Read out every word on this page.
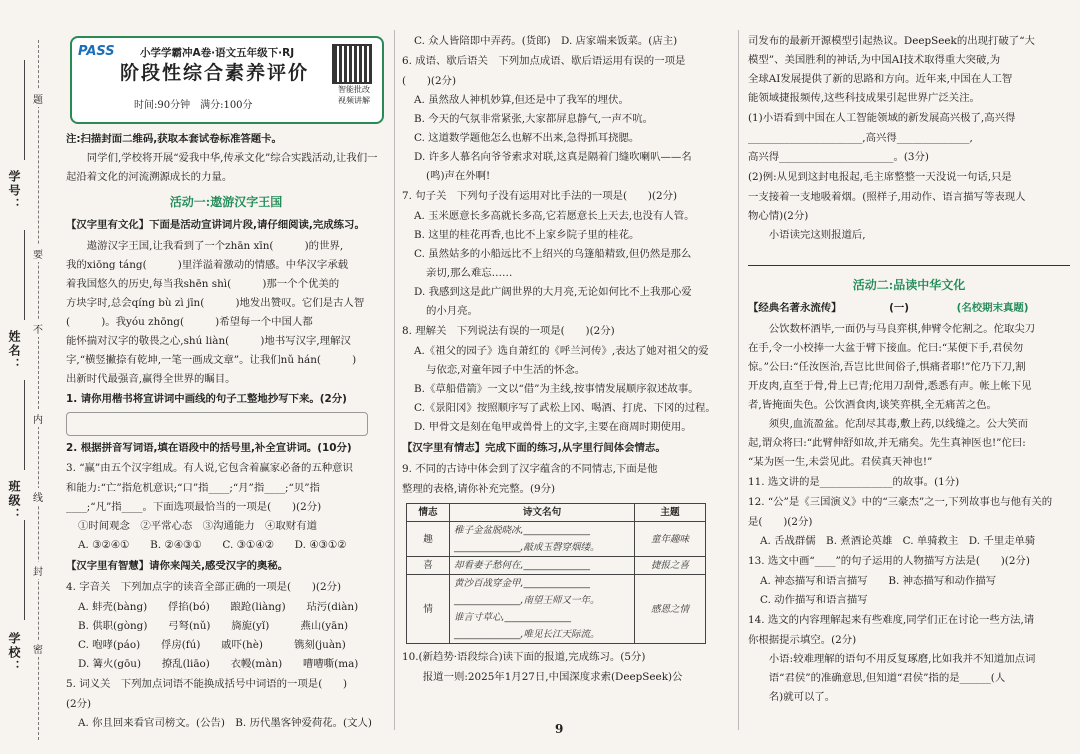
学校：
班级：
姓名：
学号：
题
要
不
内
线
封
密
PASS 小学学霸冲A卷·语文五年级下·RJ
阶段性综合素养评价
时间:90分钟　满分:100分
智能批改
视频讲解

注:扫描封面二维码,获取本套试卷标准答题卡。

同学们,学校将开展“爱我中华,传承文化”综合实践活动,让我们一起沿着文化的河流溯源成长的力量。

活动一:遨游汉字王国

【汉字里有文化】下面是活动宣讲词片段,请仔细阅读,完成练习。

遨游汉字王国,让我看到了一个zhān xīn(　　　)的世界,

我的xiōng táng(　　　)里洋溢着激动的情感。中华汉字承载

着我国悠久的历史,每当我shēn shì(　　　)那一个个优美的

方块字时,总会qíng bù zì jīn(　　　)地发出赞叹。它们是古人智

(　　　)。我yóu zhōng(　　　)希望每一个中国人都

能怀揣对汉字的敬畏之心,shú liàn(　　　)地书写汉字,理解汉

字,“横竖撇捺有乾坤,一笔一画成文章”。让我们nǔ hán(　　　)

出新时代最强音,赢得全世界的瞩目。

1. 请你用楷书将宣讲词中画线的句子工整地抄写下来。(2分)

2. 根据拼音写词语,填在语段中的括号里,补全宣讲词。(10分)

3. “赢”由五个汉字组成。有人说,它包含着赢家必备的五种意识

和能力:“亡”指危机意识;“口”指____;“月”指____;“贝”指

____;“凡”指____。下面选项最恰当的一项是(　　)(2分)

①时间观念　②平常心态　③沟通能力　④取财有道

A. ③②④①　　B. ②④③①　　C. ③①④②　　D. ④③①②

【汉字里有智慧】请你来闯关,感受汉字的奥秘。

4. 字音关　下列加点字的读音全部正确的一项是(　　)(2分)

A. 蚌壳(bàng)　　俘掐(bó)　　踉跄(liàng)　　玷污(diàn)

B. 供职(gòng)　　弓弩(nǔ)　　旖旎(yǐ)　　　燕山(yān)

C. 咆哮(páo)　　俘房(fú)　　戚吓(hè)　　　镌刻(juàn)

D. 篝火(gōu)　　撩乱(liāo)　　衣幔(màn)　　嘈嘈嘶(ma)

5. 词义关　下列加点词语不能换成括号中词语的一项是(　　)

(2分)

A. 你且回来看官司榜文。(公告)　B. 历代墨客钟爱荷花。(文人)

C. 众人皆陪即中弄药。(货郎)　D. 店家端来饭菜。(店主)

6. 成语、歇后语关　下列加点成语、歇后语运用有误的一项是

(　　)(2分)

A. 虽然敌人神机妙算,但还是中了我军的埋伏。

B. 今天的气氛非常紧张,大家都屏息静气,一声不吭。

C. 这道数学题他怎么也解不出来,急得抓耳挠腮。

D. 许多人慕名向爷爷索求对联,这真是隔着门缝吹喇叭——名

(鸣)声在外啊!

7. 句子关　下列句子没有运用对比手法的一项是(　　)(2分)

A. 玉米愿意长多高就长多高,它若愿意长上天去,也没有人管。

B. 这里的桂花再香,也比不上家乡院子里的桂花。

C. 虽然姑多的小船远比不上绍兴的乌篷船精致,但仍然是那么

亲切,那么难忘……

D. 我感到这是此广阔世界的大月亮,无论如何比不上我那心爱

的小月亮。

8. 理解关　下列说法有误的一项是(　　)(2分)

A.《祖父的园子》选自萧红的《呼兰河传》,表达了她对祖父的爱

与依恋,对童年园子中生活的怀念。

B.《草船借箭》一文以“借”为主线,按事情发展顺序叙述故事。

C.《景阳冈》按照顺序写了武松上冈、喝酒、打虎、下冈的过程。

D. 甲骨文是刻在龟甲或兽骨上的文字,主要在商周时期使用。

【汉字里有情志】完成下面的练习,从字里行间体会情志。

9. 不同的古诗中体会到了汉字蕴含的不同情志,下面是他

整理的表格,请你补充完整。(9分)

情志	诗文名句	主题
趣	稚子金盆脱晓冰,______________
______________,敲成玉磬穿烟缕。	童年趣味
喜	却看妻子愁何在,______________	捷报之喜
情	黄沙百战穿金甲,______________
______________,南望王师又一年。
谁言寸草心,______________
______________,唯见长江天际流。	感恩之情

10.(新趋势·语段综合)读下面的报道,完成练习。(5分)

报道一则:2025年1月27日,中国深度求索(DeepSeek)公

9

司发布的最新开源模型引起热议。DeepSeek的出现打破了“大

模型”、美国胜利的神话,为中国AI技术取得重大突破,为

全球AI发展提供了新的思路和方向。近年来,中国在人工智

能领域捷报频传,这些科技成果引起世界广泛关注。

(1)小语看到中国在人工智能领域的新发展高兴极了,高兴得

______________________,高兴得______________,

高兴得______________________。(3分)

(2)例:从见到这封电报起,毛主席整整一天没说一句话,只是

一支接着一支地吸着烟。(照样子,用动作、语言描写等表现人

物心情)(2分)

小语读完这则报道后,

活动二:品读中华文化

【经典名著永流传】	(一)	(名校期末真题)

公饮数杯酒毕,一面仍与马良弈棋,伸臂令佗割之。佗取尖刀

在手,令一小校捧一大盆于臂下接血。佗曰:“某便下手,君侯勿

惊。”公曰:“任汝医治,吾岂比世间俗子,惧痛者耶!”佗乃下刀,割

开皮肉,直至于骨,骨上已青;佗用刀刮骨,悉悉有声。帐上帐下见

者,皆掩面失色。公饮酒食肉,谈笑弈棋,全无痛苦之色。

须臾,血流盈盆。佗刮尽其毒,敷上药,以线缝之。公大笑而

起,谓众将曰:“此臂伸舒如故,并无痛矣。先生真神医也!”佗曰:

“某为医一生,未尝见此。君侯真天神也!”

11. 选文讲的是______________的故事。(1分)

12. “公”是《三国演义》中的“三豪杰”之一,下列故事也与他有关的

是(　　)(2分)

A. 舌战群儒　B. 煮酒论英雄　C. 单骑救主　D. 千里走单骑

13. 选文中画“____”的句子运用的人物描写方法是(　　)(2分)

A. 神态描写和语言描写　　B. 神态描写和动作描写

C. 动作描写和语言描写

14. 选文的内容理解起来有些难度,同学们正在讨论一些方法,请

你根据提示填空。(2分)

小语:较难理解的语句不用反复琢磨,比如我并不知道加点词

语“君侯”的准确意思,但知道“君侯”指的是______(人

名)就可以了。
